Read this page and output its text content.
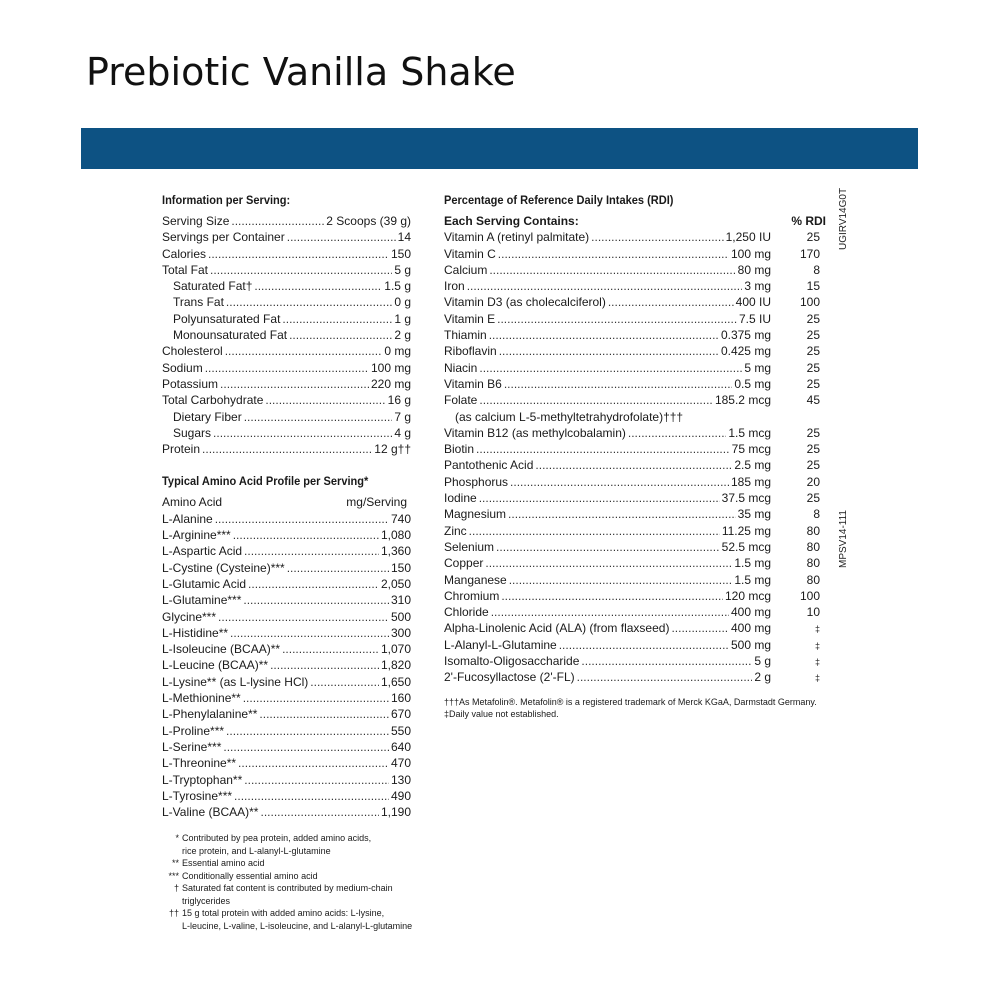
Prebiotic Vanilla Shake
Information per Serving:
Serving Size .....	2 Scoops (39 g)
Servings per Container .....	14
Calories .....	150
Total Fat .....	5 g
Saturated Fat† .....	1.5 g
Trans Fat .....	0 g
Polyunsaturated Fat .....	1 g
Monounsaturated Fat .....	2 g
Cholesterol .....	0 mg
Sodium .....	100 mg
Potassium .....	220 mg
Total Carbohydrate .....	16 g
Dietary Fiber .....	7 g
Sugars .....	4 g
Protein .....	12 g††
Typical Amino Acid Profile per Serving*
Amino Acid	mg/Serving
L-Alanine .....	740
L-Arginine*** .....	1,080
L-Aspartic Acid .....	1,360
L-Cystine (Cysteine)*** .....	150
L-Glutamic Acid .....	2,050
L-Glutamine*** .....	310
Glycine*** .....	500
L-Histidine** .....	300
L-Isoleucine (BCAA)** .....	1,070
L-Leucine (BCAA)** .....	1,820
L-Lysine** (as L-lysine HCl) .....	1,650
L-Methionine** .....	160
L-Phenylalanine** .....	670
L-Proline*** .....	550
L-Serine*** .....	640
L-Threonine** .....	470
L-Tryptophan** .....	130
L-Tyrosine*** .....	490
L-Valine (BCAA)** .....	1,190
* Contributed by pea protein, added amino acids,
rice protein, and L-alanyl-L-glutamine
** Essential amino acid
*** Conditionally essential amino acid
† Saturated fat content is contributed by medium-chain
triglycerides
†† 15 g total protein with added amino acids: L-lysine,
L-leucine, L-valine, L-isoleucine, and L-alanyl-L-glutamine
Percentage of Reference Daily Intakes (RDI)
Each Serving Contains:	% RDI
Vitamin A (retinyl palmitate) .....	1,250 IU	25
Vitamin C .....	100 mg	170
Calcium .....	80 mg	8
Iron .....	3 mg	15
Vitamin D3 (as cholecalciferol) .....	400 IU	100
Vitamin E .....	7.5 IU	25
Thiamin .....	0.375 mg	25
Riboflavin .....	0.425 mg	25
Niacin .....	5 mg	25
Vitamin B6 .....	0.5 mg	25
Folate .....	185.2 mcg	45
(as calcium L-5-methyltetrahydrofolate)†††
Vitamin B12 (as methylcobalamin) .....	1.5 mcg	25
Biotin .....	75 mcg	25
Pantothenic Acid .....	2.5 mg	25
Phosphorus .....	185 mg	20
Iodine .....	37.5 mcg	25
Magnesium .....	35 mg	8
Zinc .....	11.25 mg	80
Selenium .....	52.5 mcg	80
Copper .....	1.5 mg	80
Manganese .....	1.5 mg	80
Chromium .....	120 mcg	100
Chloride .....	400 mg	10
Alpha-Linolenic Acid (ALA) (from flaxseed) .....	400 mg	‡
L-Alanyl-L-Glutamine .....	500 mg	‡
Isomalto-Oligosaccharide .....	5 g	‡
2'-Fucosyllactose (2'-FL) .....	2 g	‡
†††As Metafolin®. Metafolin® is a registered trademark of Merck KGaA, Darmstadt Germany.
‡Daily value not established.
UGIRV14G0T
MPSV14-111
